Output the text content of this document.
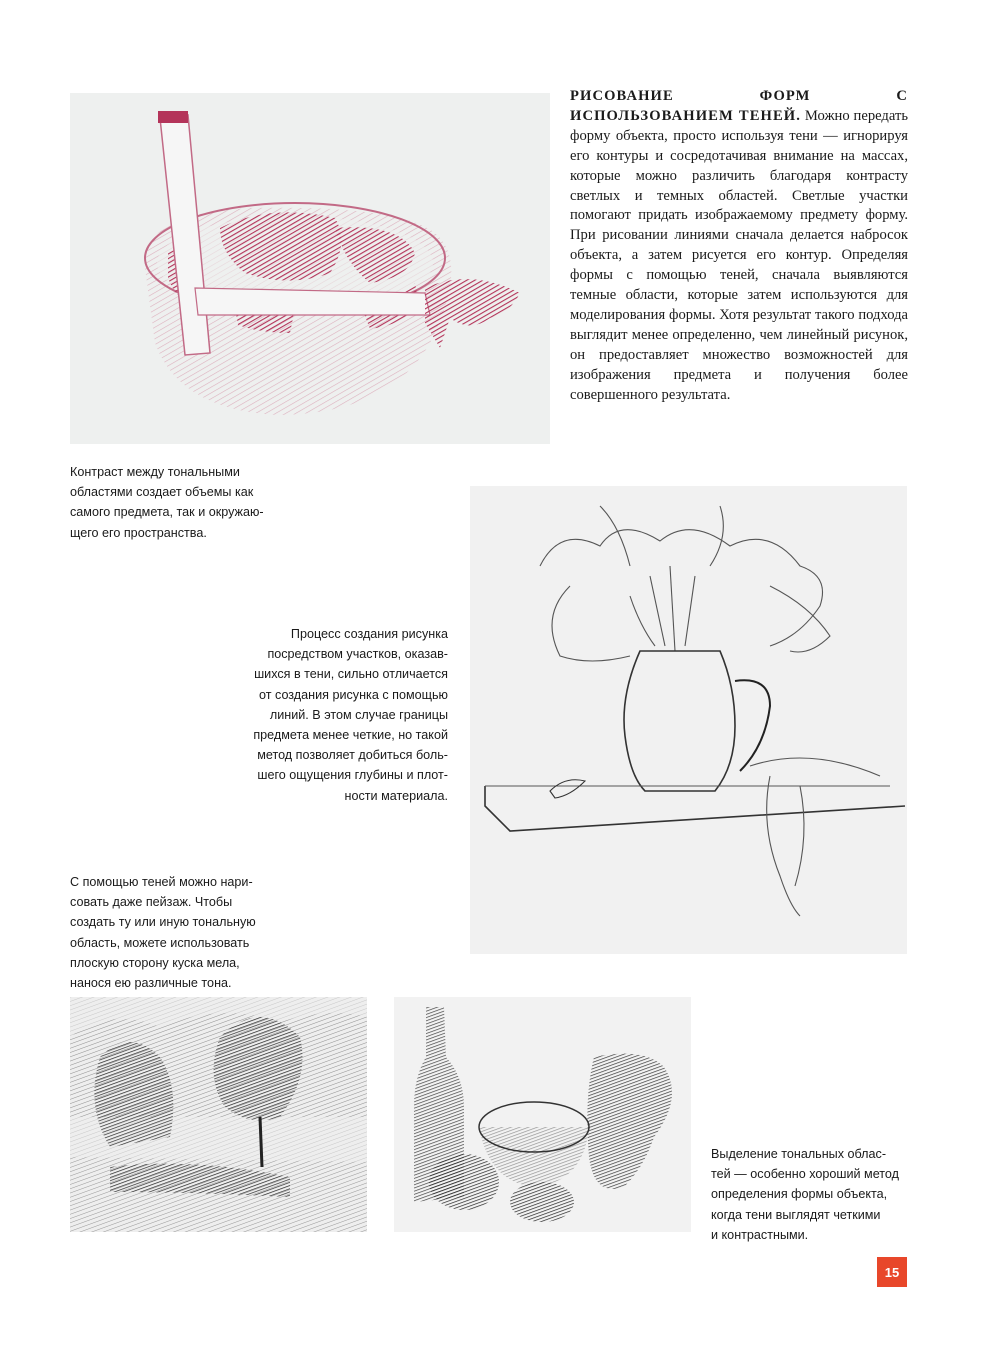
РИСОВАНИЕ ФОРМ С ИСПОЛЬЗОВАНИЕМ ТЕНЕЙ. Можно передать форму объекта, просто используя тени — игнорируя его контуры и сосредотачивая внимание на массах, которые можно различить благодаря контрасту светлых и темных областей. Светлые участки помогают придать изображаемому предмету форму. При рисовании линиями сначала делается набросок объекта, а затем рисуется его контур. Определяя формы с помощью теней, сначала выявляются темные области, которые затем используются для моделирования формы. Хотя результат такого подхода выглядит менее определенно, чем линейный рисунок, он предоставляет множество возможностей для изображения предмета и получения более совершенного результата.
Контраст между тональными
областями создает объемы как
самого предмета, так и окружаю-
щего его пространства.
Процесс создания рисунка
посредством участков, оказав-
шихся в тени, сильно отличается
от создания рисунка с помощью
линий. В этом случае границы
предмета менее четкие, но такой
метод позволяет добиться боль-
шего ощущения глубины и плот-
ности материала.
С помощью теней можно нари-
совать даже пейзаж. Чтобы
создать ту или иную тональную
область, можете использовать
плоскую сторону куска мела,
нанося ею различные тона.
Выделение тональных облас-
тей — особенно хороший метод
определения формы объекта,
когда тени выглядят четкими
и контрастными.
15
